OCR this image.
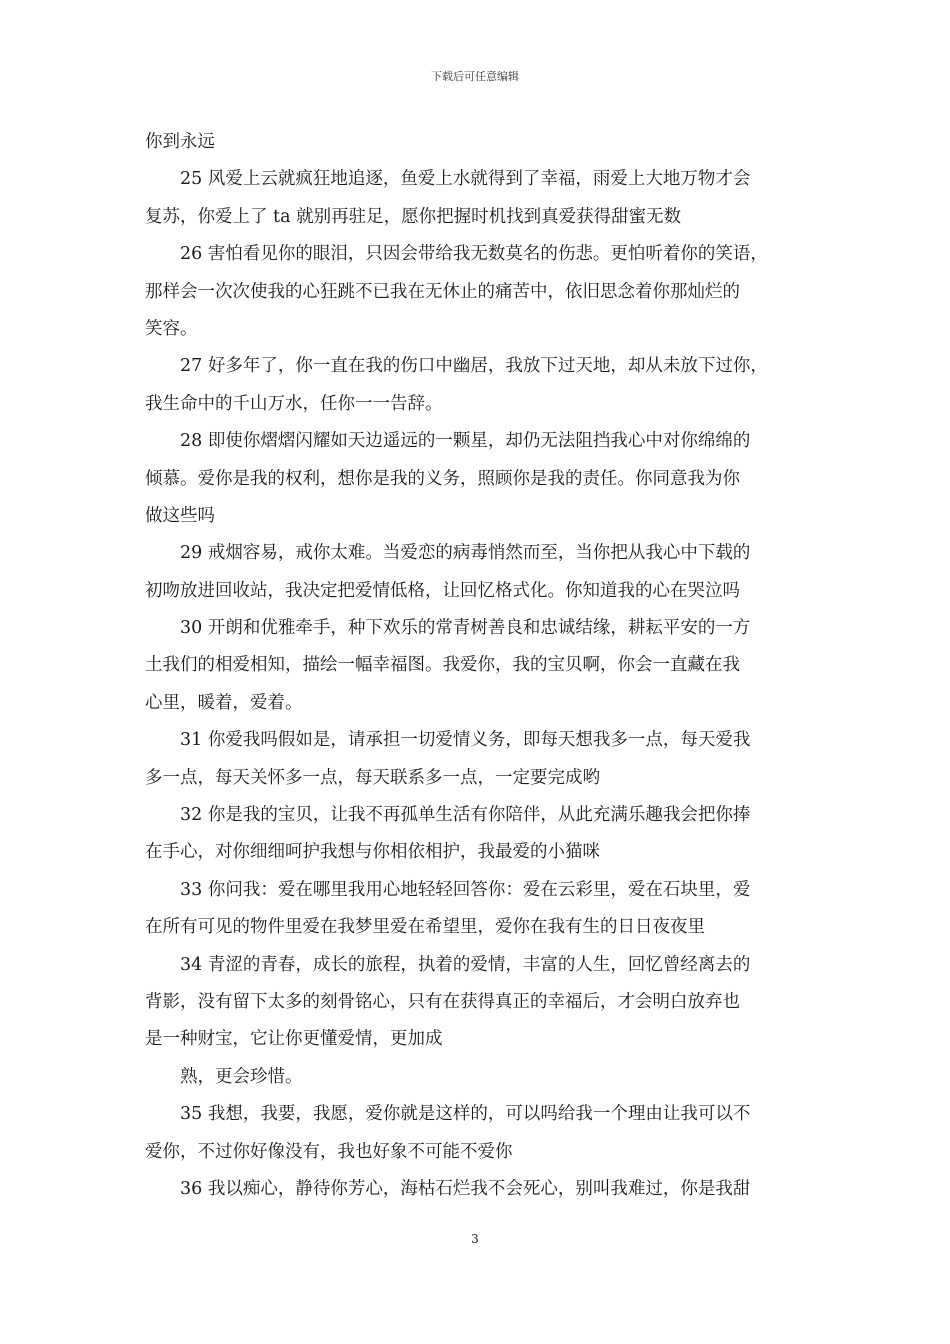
下载后可任意编辑
你到永远
25 风爱上云就疯狂地追逐，鱼爱上水就得到了幸福，雨爱上大地万物才会
复苏，你爱上了 ta 就别再驻足，愿你把握时机找到真爱获得甜蜜无数
26 害怕看见你的眼泪，只因会带给我无数莫名的伤悲。更怕听着你的笑语，
那样会一次次使我的心狂跳不已我在无休止的痛苦中，依旧思念着你那灿烂的
笑容。
27 好多年了，你一直在我的伤口中幽居，我放下过天地，却从未放下过你，
我生命中的千山万水，任你一一告辞。
28 即使你熠熠闪耀如天边遥远的一颗星，却仍无法阻挡我心中对你绵绵的
倾慕。爱你是我的权利，想你是我的义务，照顾你是我的责任。你同意我为你
做这些吗
29 戒烟容易，戒你太难。当爱恋的病毒悄然而至，当你把从我心中下载的
初吻放进回收站，我决定把爱情低格，让回忆格式化。你知道我的心在哭泣吗
30 开朗和优雅牵手，种下欢乐的常青树善良和忠诚结缘，耕耘平安的一方
土我们的相爱相知，描绘一幅幸福图。我爱你，我的宝贝啊，你会一直藏在我
心里，暖着，爱着。
31 你爱我吗假如是，请承担一切爱情义务，即每天想我多一点，每天爱我
多一点，每天关怀多一点，每天联系多一点，一定要完成哟
32 你是我的宝贝，让我不再孤单生活有你陪伴，从此充满乐趣我会把你捧
在手心，对你细细呵护我想与你相依相护，我最爱的小猫咪
33 你问我：爱在哪里我用心地轻轻回答你：爱在云彩里，爱在石块里，爱
在所有可见的物件里爱在我梦里爱在希望里，爱你在我有生的日日夜夜里
34 青涩的青春，成长的旅程，执着的爱情，丰富的人生，回忆曾经离去的
背影，没有留下太多的刻骨铭心，只有在获得真正的幸福后，才会明白放弃也
是一种财宝，它让你更懂爱情，更加成
熟，更会珍惜。
35 我想，我要，我愿，爱你就是这样的，可以吗给我一个理由让我可以不
爱你，不过你好像没有，我也好象不可能不爱你
36 我以痴心，静待你芳心，海枯石烂我不会死心，别叫我难过，你是我甜
3
